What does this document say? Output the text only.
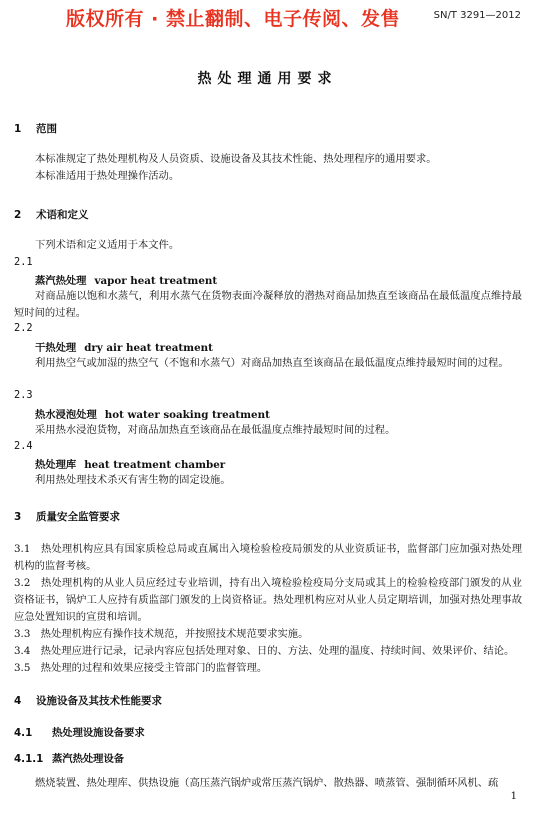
版权所有 · 禁止翻制、电子传阅、发售	SN/T 3291—2012
热处理通用要求
1 范围
本标准规定了热处理机构及人员资质、设施设备及其技术性能、热处理程序的通用要求。
本标准适用于热处理操作活动。
2 术语和定义
下列术语和定义适用于本文件。
2.1
蒸汽热处理 vapor heat treatment
对商品施以饱和水蒸气，利用水蒸气在货物表面冷凝释放的潜热对商品加热直至该商品在最低温度点维持最短时间的过程。
2.2
干热处理 dry air heat treatment
利用热空气或加湿的热空气（不饱和水蒸气）对商品加热直至该商品在最低温度点维持最短时间的过程。
2.3
热水浸泡处理 hot water soaking treatment
采用热水浸泡货物，对商品加热直至该商品在最低温度点维持最短时间的过程。
2.4
热处理库 heat treatment chamber
利用热处理技术杀灭有害生物的固定设施。
3 质量安全监管要求
3.1　热处理机构应具有国家质检总局或直属出入境检验检疫局颁发的从业资质证书，监督部门应加强对热处理机构的监督考核。
3.2　热处理机构的从业人员应经过专业培训，持有出入境检验检疫局分支局或其上的检验检疫部门颁发的从业资格证书，锅炉工人应持有质监部门颁发的上岗资格证。热处理机构应对从业人员定期培训，加强对热处理事故应急处置知识的宣贯和培训。
3.3　热处理机构应有操作技术规范，并按照技术规范要求实施。
3.4　热处理应进行记录，记录内容应包括处理对象、日的、方法、处理的温度、持续时间、效果评价、结论。
3.5　热处理的过程和效果应接受主管部门的监督管理。
4 设施设备及其技术性能要求
4.1 热处理设施设备要求
4.1.1 蒸汽热处理设备
燃烧装置、热处理库、供热设施（高压蒸汽锅炉或常压蒸汽锅炉、散热器、喷蒸管、强制循环风机、疏
1
